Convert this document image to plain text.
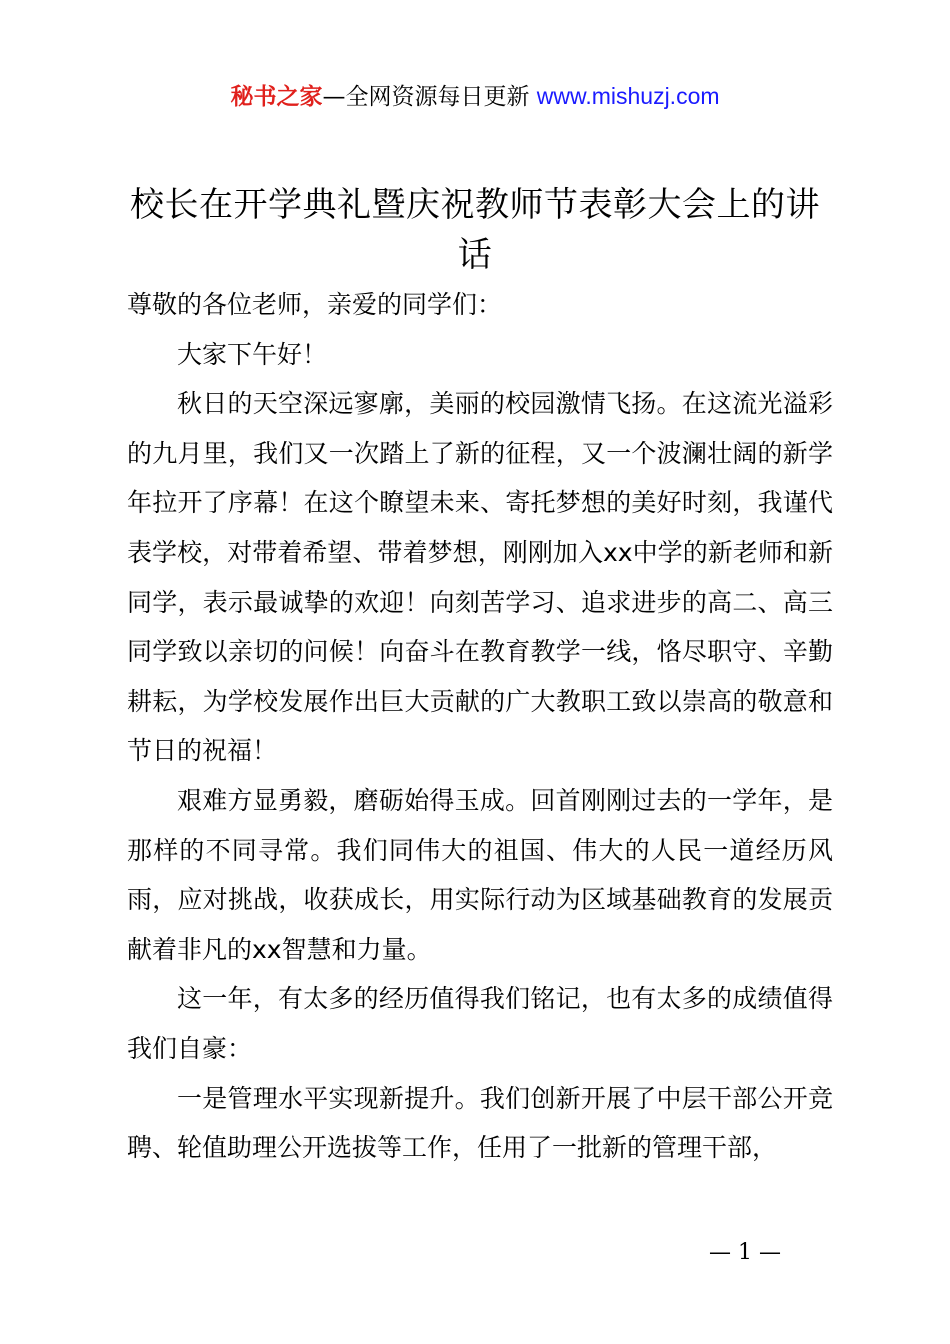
秘书之家—全网资源每日更新 www.mishuzj.com
校长在开学典礼暨庆祝教师节表彰大会上的讲话

尊敬的各位老师，亲爱的同学们：

大家下午好！

秋日的天空深远寥廓，美丽的校园激情飞扬。在这流光溢彩的九月里，我们又一次踏上了新的征程，又一个波澜壮阔的新学年拉开了序幕！在这个瞭望未来、寄托梦想的美好时刻，我谨代表学校，对带着希望、带着梦想，刚刚加入xx中学的新老师和新同学，表示最诚挚的欢迎！向刻苦学习、追求进步的高二、高三同学致以亲切的问候！向奋斗在教育教学一线，恪尽职守、辛勤耕耘，为学校发展作出巨大贡献的广大教职工致以崇高的敬意和节日的祝福！

艰难方显勇毅，磨砺始得玉成。回首刚刚过去的一学年，是那样的不同寻常。我们同伟大的祖国、伟大的人民一道经历风雨，应对挑战，收获成长，用实际行动为区域基础教育的发展贡献着非凡的xx智慧和力量。

这一年，有太多的经历值得我们铭记，也有太多的成绩值得我们自豪：

一是管理水平实现新提升。我们创新开展了中层干部公开竞聘、轮值助理公开选拔等工作，任用了一批新的管理干部，

— 1 —
